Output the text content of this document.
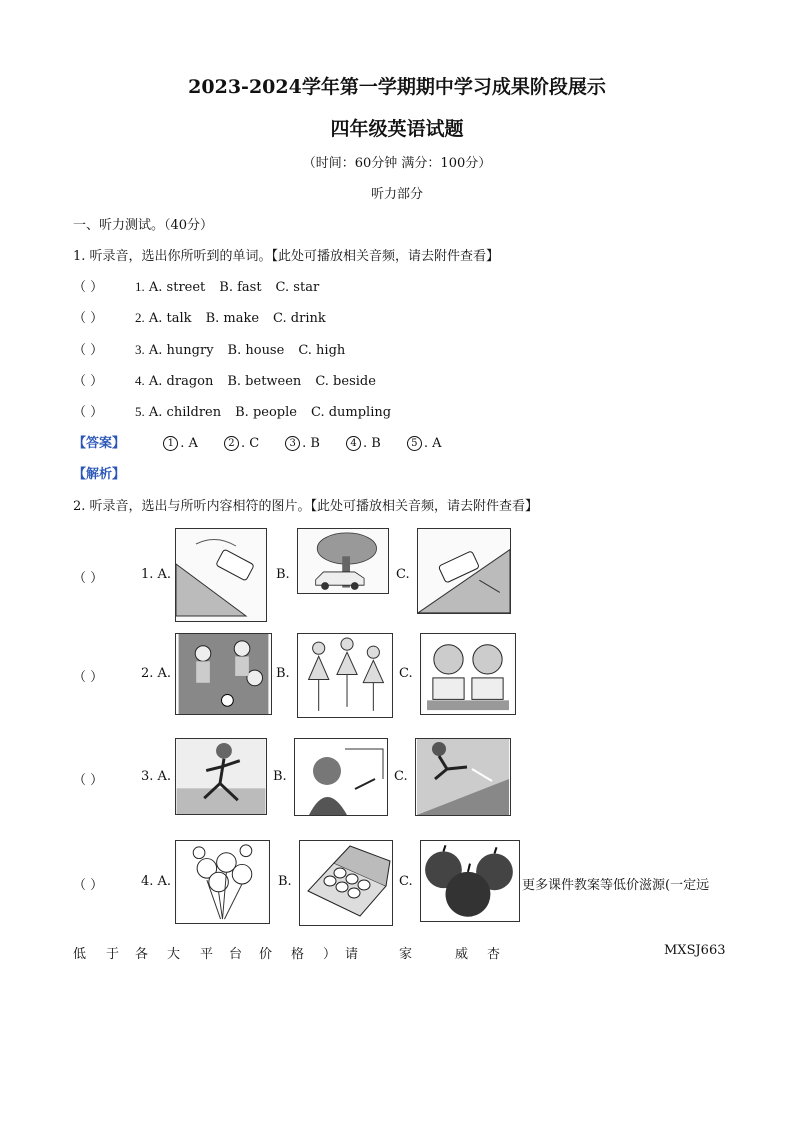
2023-2024学年第一学期期中学习成果阶段展示
四年级英语试题
（时间：60分钟 满分：100分）
听力部分
一、听力测试。（40分）
1. 听录音，选出你所听到的单词。【此处可播放相关音频，请去附件查看】
【答案】	1 . A	2 . C	3 . B	4 . B	5 . A
【解析】
2. 听录音，选出与所听内容相符的图片。【此处可播放相关音频，请去附件查看】
更多课件教案等低价滋源(一定远
低 于 各 大 平 台 价 格 ） 请	家	威 杏	MXSJ663
（ ） 1. A. street B. fast C. star
（ ） 2. A. talk B. make C. drink
（ ） 3. A. hungry B. house C. high
（ ） 4. A. dragon B. between C. beside
（ ） 5. A. children B. people C. dumpling
（ ）	1. A.	B.	C.
（ ）	2. A.	B.	C.
（ ）	3. A.	B.	C.
（ ）	4. A.	B.	C.
